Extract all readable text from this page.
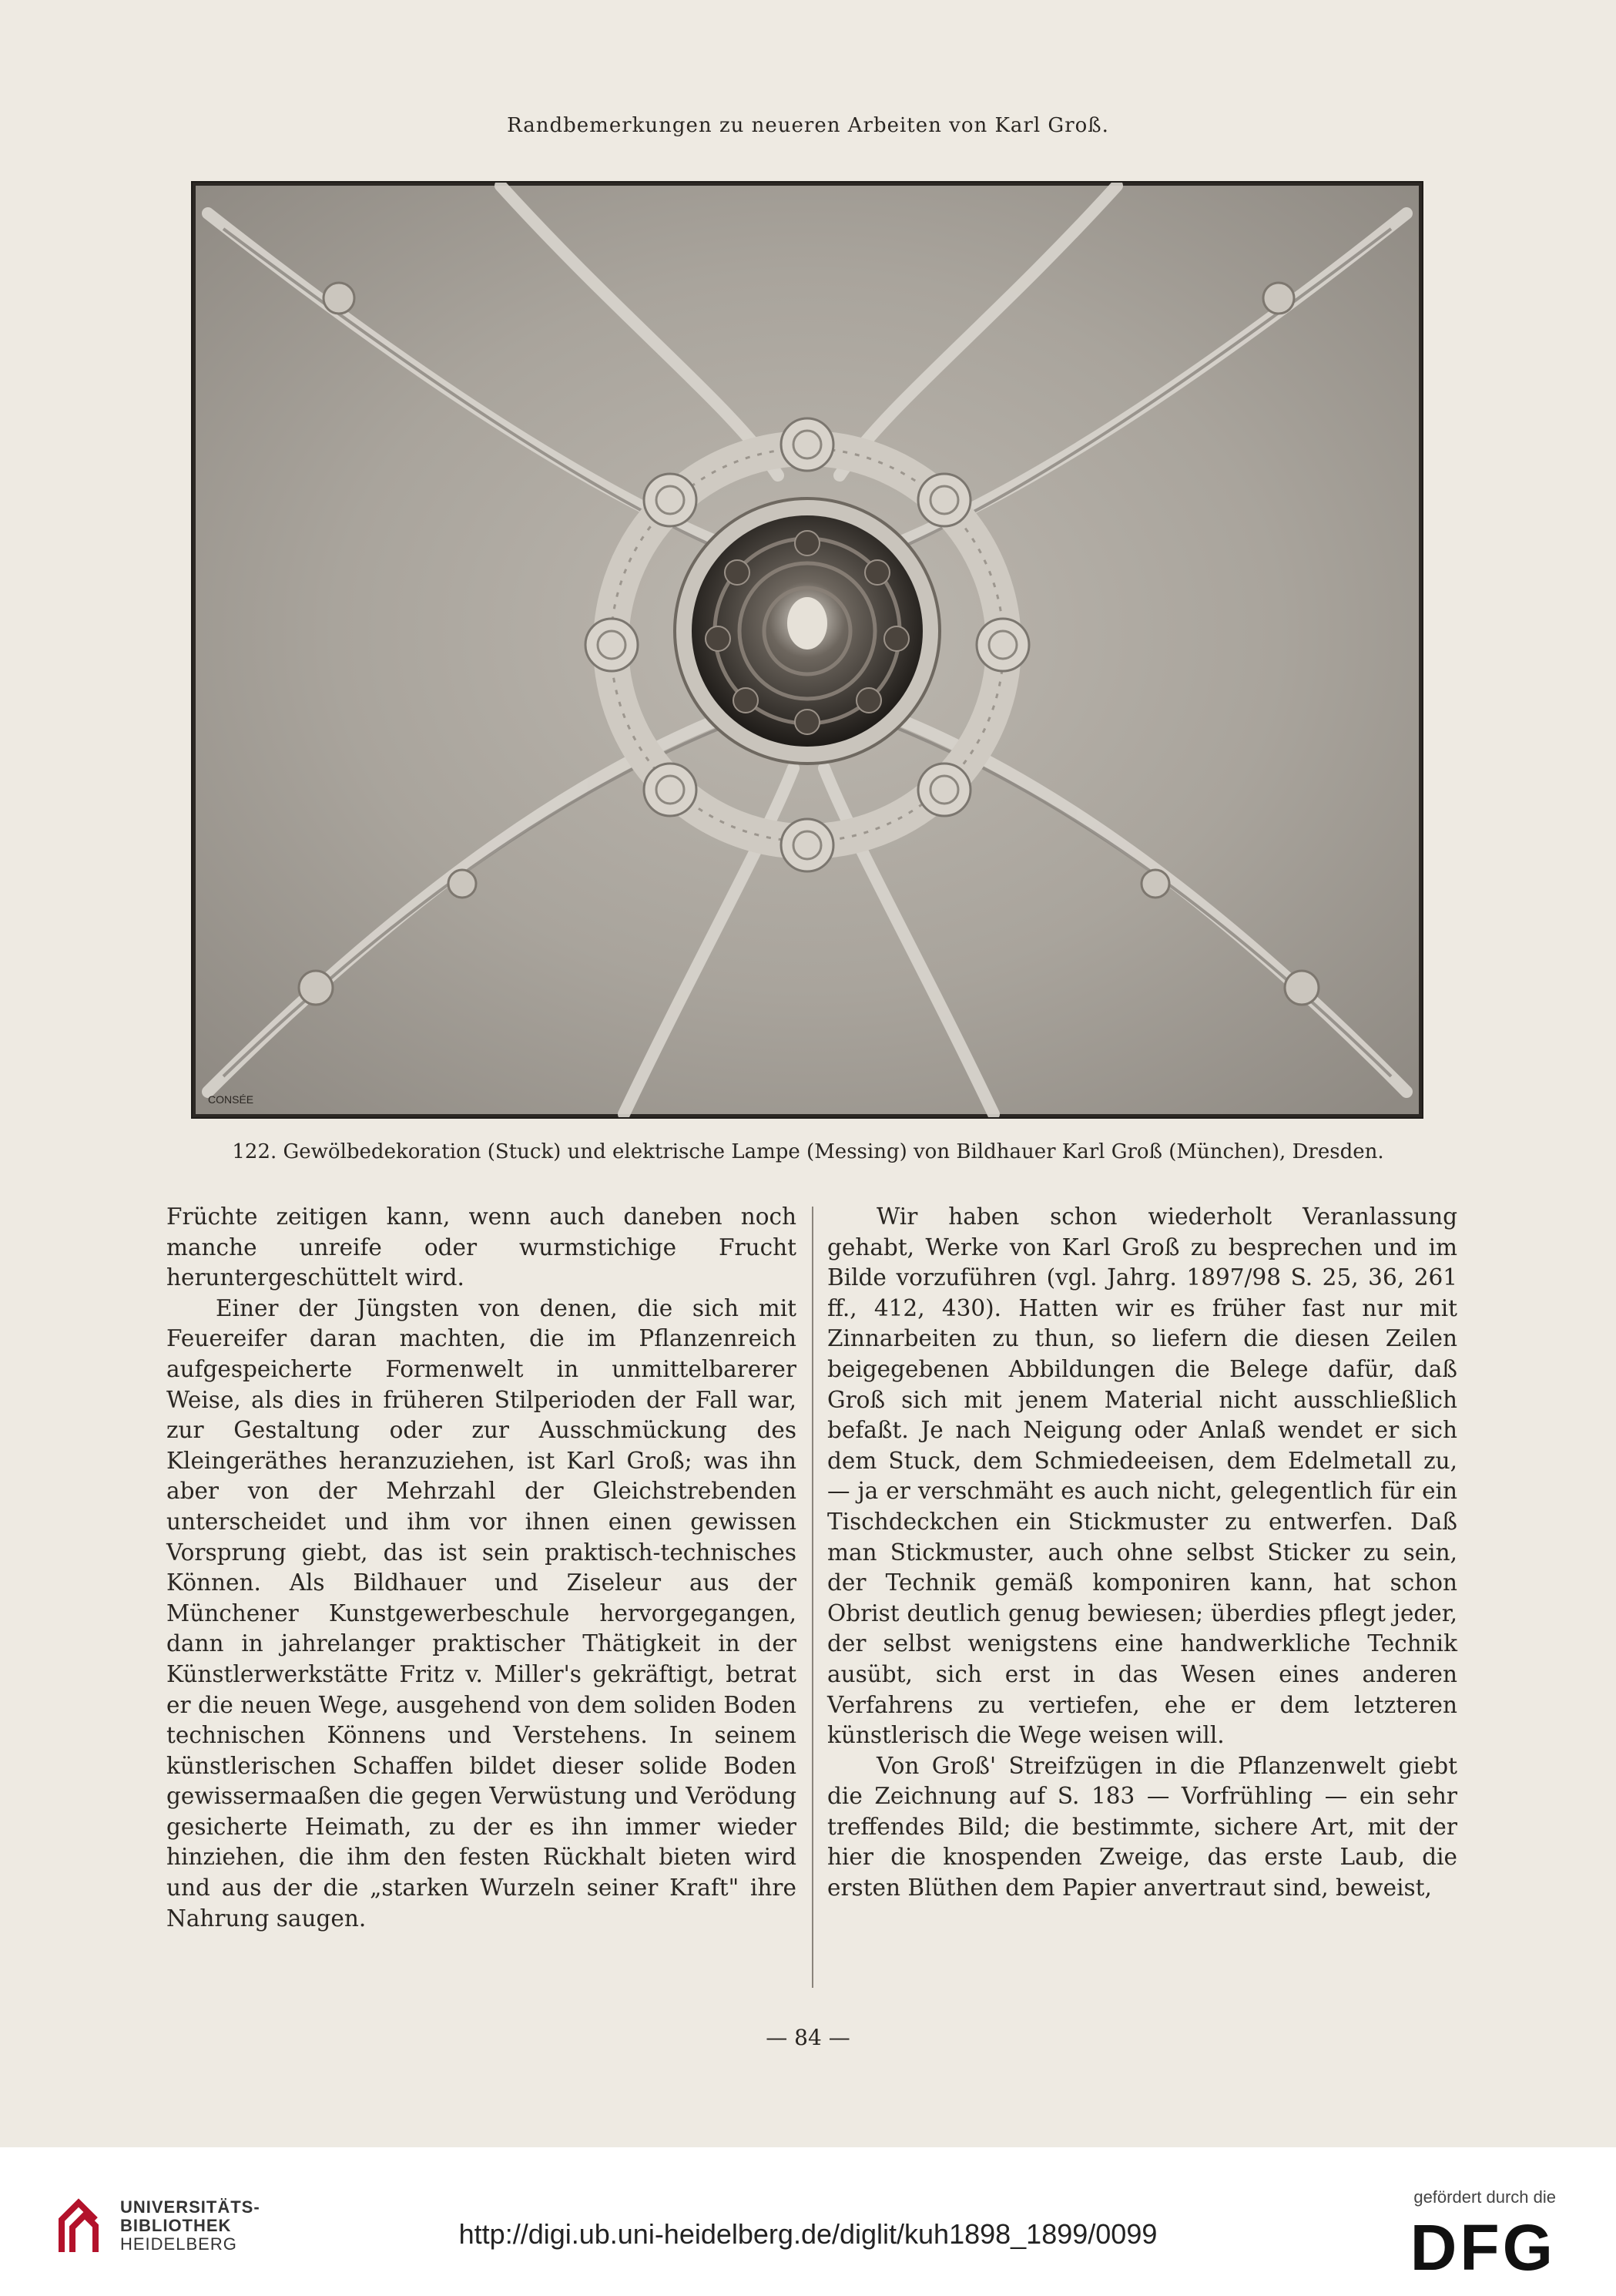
Randbemerkungen zu neueren Arbeiten von Karl Groß.
CONSÉE
122. Gewölbedekoration (Stuck) und elektrische Lampe (Messing) von Bildhauer Karl Groß (München), Dresden.

Früchte zeitigen kann, wenn auch daneben noch manche unreife oder wurmstichige Frucht heruntergeschüttelt wird.

Einer der Jüngsten von denen, die sich mit Feuereifer daran machten, die im Pflanzenreich aufgespeicherte Formenwelt in unmittelbarerer Weise, als dies in früheren Stilperioden der Fall war, zur Gestaltung oder zur Ausschmückung des Kleingeräthes heranzuziehen, ist Karl Groß; was ihn aber von der Mehrzahl der Gleichstrebenden unterscheidet und ihm vor ihnen einen gewissen Vorsprung giebt, das ist sein praktisch-technisches Können. Als Bildhauer und Ziseleur aus der Münchener Kunstgewerbeschule hervorgegangen, dann in jahrelanger praktischer Thätigkeit in der Künstlerwerkstätte Fritz v. Miller's gekräftigt, betrat er die neuen Wege, ausgehend von dem soliden Boden technischen Könnens und Verstehens. In seinem künstlerischen Schaffen bildet dieser solide Boden gewissermaaßen die gegen Verwüstung und Verödung gesicherte Heimath, zu der es ihn immer wieder hinziehen, die ihm den festen Rückhalt bieten wird und aus der die „starken Wurzeln seiner Kraft" ihre Nahrung saugen.

Wir haben schon wiederholt Veranlassung gehabt, Werke von Karl Groß zu besprechen und im Bilde vorzuführen (vgl. Jahrg. 1897/98 S. 25, 36, 261 ff., 412, 430). Hatten wir es früher fast nur mit Zinnarbeiten zu thun, so liefern die diesen Zeilen beigegebenen Abbildungen die Belege dafür, daß Groß sich mit jenem Material nicht ausschließlich befaßt. Je nach Neigung oder Anlaß wendet er sich dem Stuck, dem Schmiedeeisen, dem Edelmetall zu, — ja er verschmäht es auch nicht, gelegentlich für ein Tischdeckchen ein Stickmuster zu entwerfen. Daß man Stickmuster, auch ohne selbst Sticker zu sein, der Technik gemäß komponiren kann, hat schon Obrist deutlich genug bewiesen; überdies pflegt jeder, der selbst wenigstens eine handwerkliche Technik ausübt, sich erst in das Wesen eines anderen Verfahrens zu vertiefen, ehe er dem letzteren künstlerisch die Wege weisen will.

Von Groß' Streifzügen in die Pflanzenwelt giebt die Zeichnung auf S. 183 — Vorfrühling — ein sehr treffendes Bild; die bestimmte, sichere Art, mit der hier die knospenden Zweige, das erste Laub, die ersten Blüthen dem Papier anvertraut sind, beweist,

— 84 —
UNIVERSITÄTS-
BIBLIOTHEK
HEIDELBERG	http://digi.ub.uni-heidelberg.de/diglit/kuh1898_1899/0099
gefördert durch die
DFG
